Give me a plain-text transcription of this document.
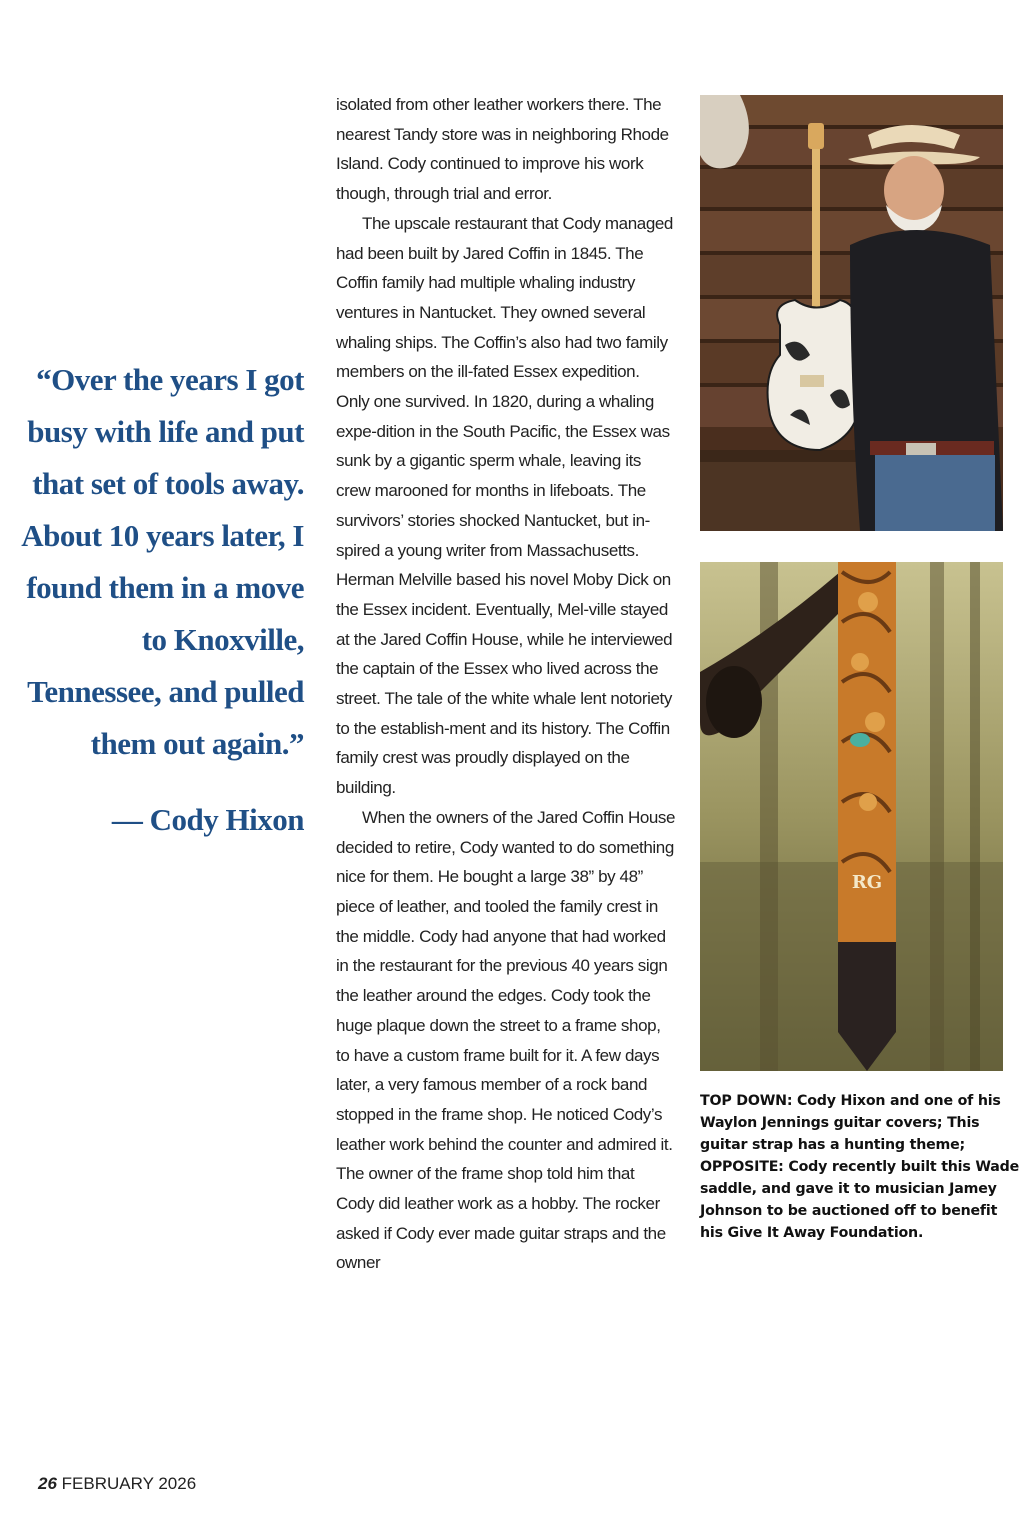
“Over the years I got busy with life and put that set of tools away. About 10 years later, I found them in a move to Knoxville, Tennessee, and pulled them out again.”
— Cody Hixon

isolated from other leather workers there. The nearest Tandy store was in neighboring Rhode Island. Cody continued to improve his work though, through trial and error.

The upscale restaurant that Cody managed had been built by Jared Coffin in 1845. The Coffin family had multiple whaling industry ventures in Nantucket. They owned several whaling ships. The Coffin’s also had two family members on the ill-fated Essex expedition. Only one survived. In 1820, during a whaling expe-dition in the South Pacific, the Essex was sunk by a gigantic sperm whale, leaving its crew marooned for months in lifeboats. The survivors’ stories shocked Nantucket, but in-spired a young writer from Massachusetts. Herman Melville based his novel Moby Dick on the Essex incident. Eventually, Mel-ville stayed at the Jared Coffin House, while he interviewed the captain of the Essex who lived across the street. The tale of the white whale lent notoriety to the establish-ment and its history. The Coffin family crest was proudly displayed on the building.

When the owners of the Jared Coffin House decided to retire, Cody wanted to do something nice for them. He bought a large 38” by 48” piece of leather, and tooled the family crest in the middle. Cody had anyone that had worked in the restaurant for the previous 40 years sign the leather around the edges. Cody took the huge plaque down the street to a frame shop, to have a custom frame built for it. A few days later, a very famous member of a rock band stopped in the frame shop. He noticed Cody’s leather work behind the counter and admired it. The owner of the frame shop told him that Cody did leather work as a hobby. The rocker asked if Cody ever made guitar straps and the owner

RG
TOP DOWN: Cody Hixon and one of his Waylon Jennings guitar covers; This guitar strap has a hunting theme; OPPOSITE: Cody recently built this Wade saddle, and gave it to musician Jamey Johnson to be auctioned off to benefit his Give It Away Foundation.
26 FEBRUARY 2026
